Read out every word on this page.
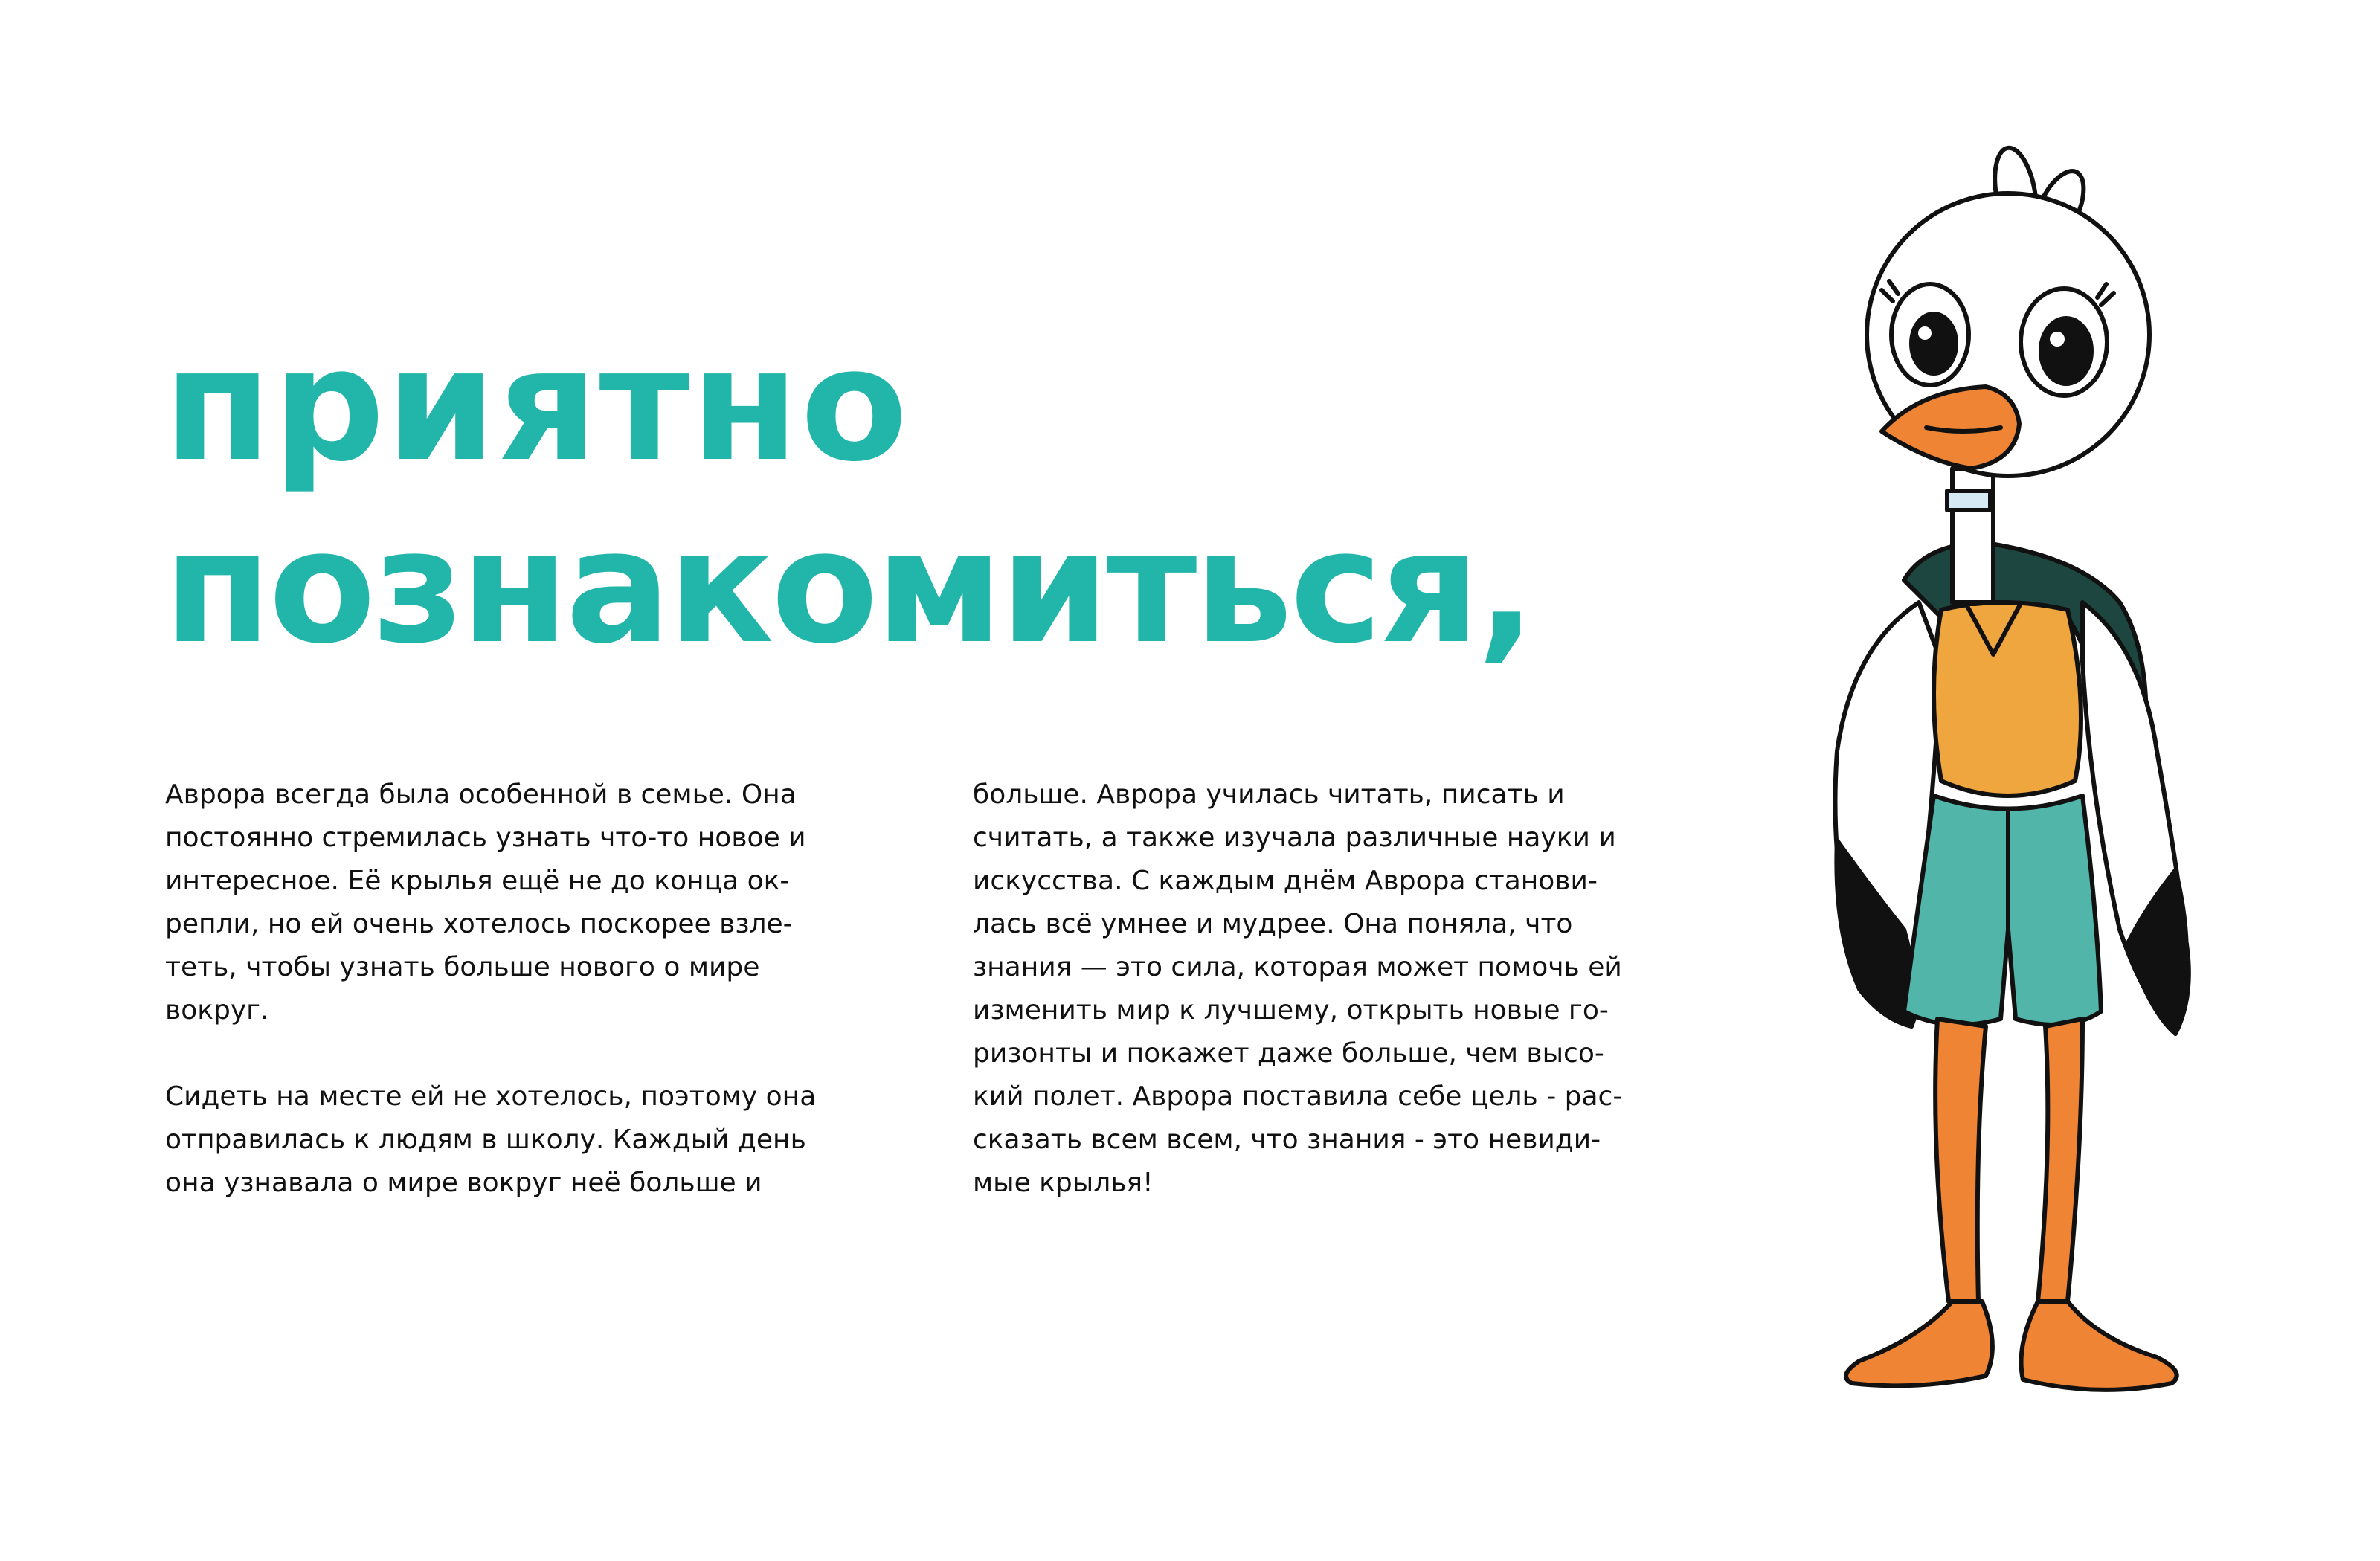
приятно
познакомиться,

Аврора всегда была особенной в семье. Она
постоянно стремилась узнать что-то новое и
интересное. Её крылья ещё не до конца ок-
репли, но ей очень хотелось поскорее взле-
теть, чтобы узнать больше нового о мире
вокруг.

Сидеть на месте ей не хотелось, поэтому она
отправилась к людям в школу. Каждый день
она узнавала о мире вокруг неё больше и

больше. Аврора училась читать, писать и
считать, а также изучала различные науки и
искусства. С каждым днём Аврора станови-
лась всё умнее и мудрее. Она поняла, что
знания — это сила, которая может помочь ей
изменить мир к лучшему, открыть новые го-
ризонты и покажет даже больше, чем высо-
кий полет. Аврора поставила себе цель - рас-
сказать всем всем, что знания - это невиди-
мые крылья!
